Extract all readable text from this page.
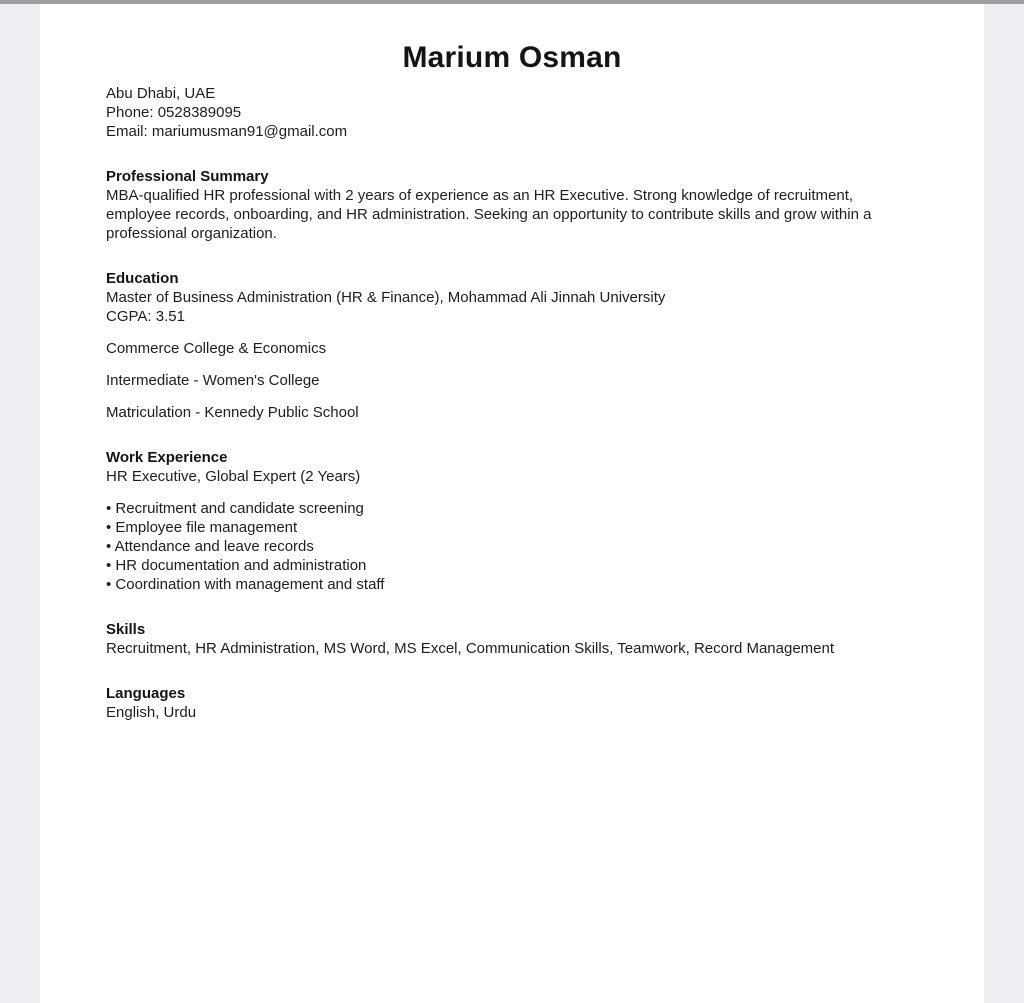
Marium Osman
Abu Dhabi, UAE
Phone: 0528389095
Email: mariumusman91@gmail.com
Professional Summary
MBA-qualified HR professional with 2 years of experience as an HR Executive. Strong knowledge of recruitment, employee records, onboarding, and HR administration. Seeking an opportunity to contribute skills and grow within a professional organization.
Education
Master of Business Administration (HR & Finance), Mohammad Ali Jinnah University
CGPA: 3.51
Commerce College & Economics
Intermediate - Women's College
Matriculation - Kennedy Public School
Work Experience
HR Executive, Global Expert (2 Years)
• Recruitment and candidate screening
• Employee file management
• Attendance and leave records
• HR documentation and administration
• Coordination with management and staff
Skills
Recruitment, HR Administration, MS Word, MS Excel, Communication Skills, Teamwork, Record Management
Languages
English, Urdu
